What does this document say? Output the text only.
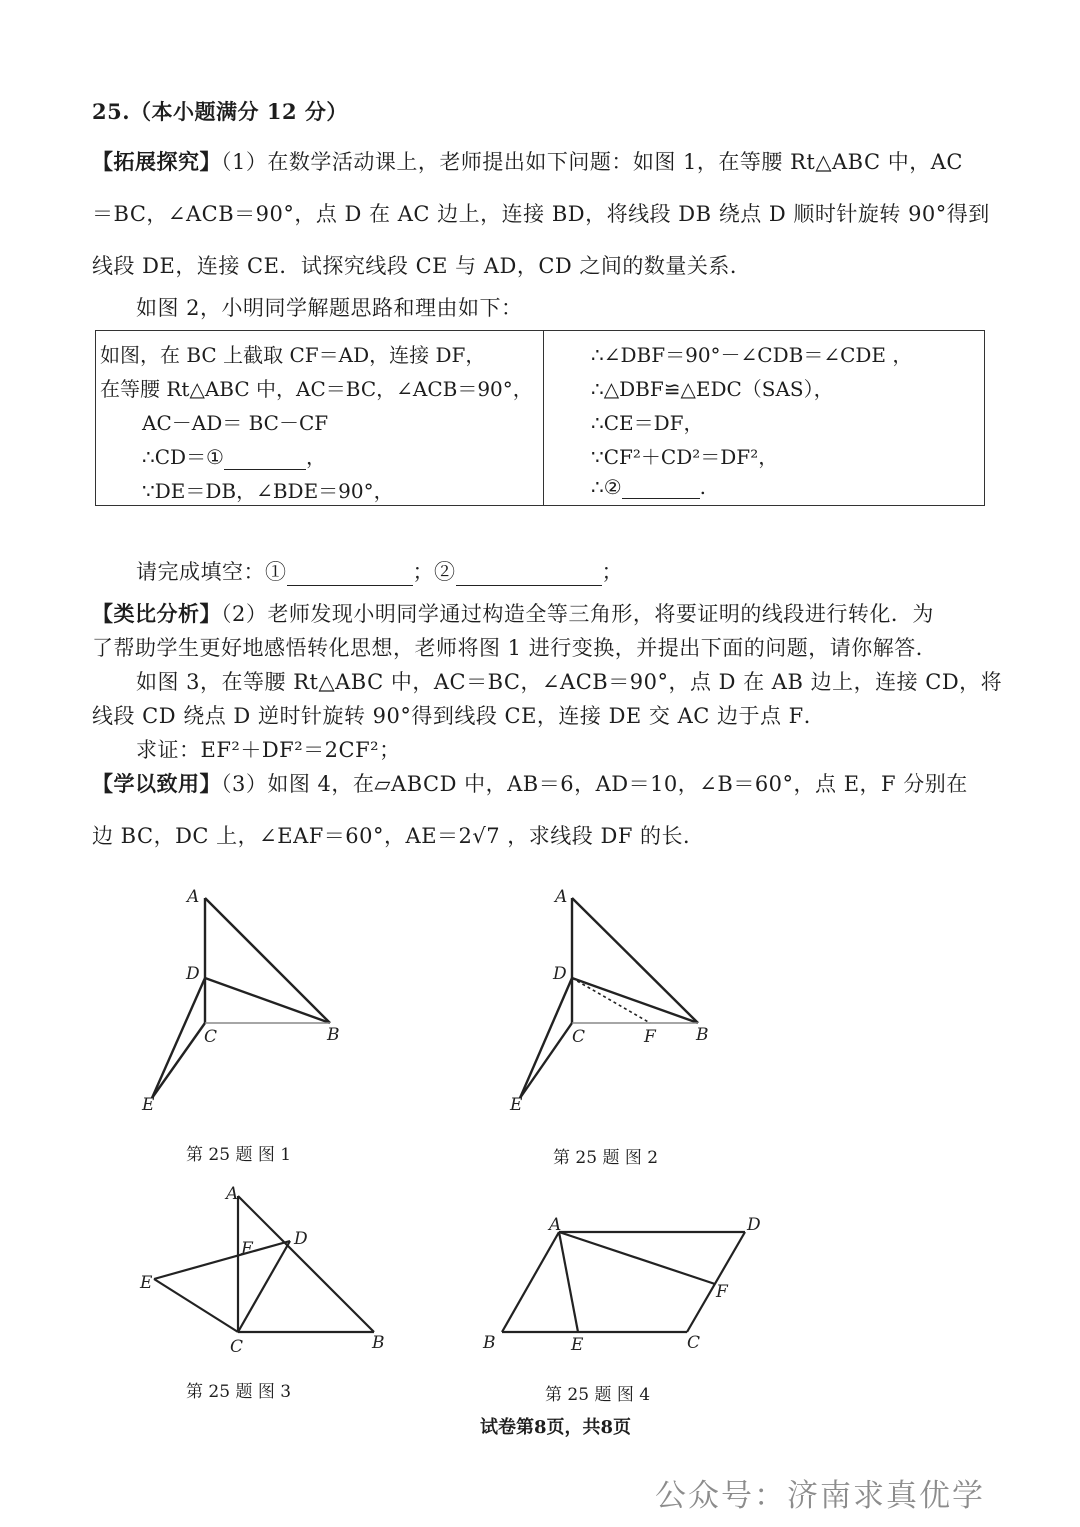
25.（本小题满分 12 分）
【拓展探究】（1）在数学活动课上，老师提出如下问题：如图 1，在等腰 Rt△ABC 中，AC
＝BC，∠ACB＝90°，点 D 在 AC 边上，连接 BD，将线段 DB 绕点 D 顺时针旋转 90°得到
线段 DE，连接 CE．试探究线段 CE 与 AD，CD 之间的数量关系．
如图 2，小明同学解题思路和理由如下：
如图，在 BC 上截取 CF＝AD，连接 DF，
在等腰 Rt△ABC 中，AC＝BC，∠ACB＝90°，
AC－AD＝ BC－CF
∴CD＝①	，
∵DE＝DB，∠BDE＝90°，
∴∠DBF＝90°－∠CDB＝∠CDE ，
∴△DBF≌△EDC（SAS），
∴CE＝DF，
∵CF²＋CD²＝DF²，
∴②	.
请完成填空：①	；②	；
【类比分析】（2）老师发现小明同学通过构造全等三角形，将要证明的线段进行转化．为
了帮助学生更好地感悟转化思想，老师将图 1 进行变换，并提出下面的问题，请你解答．
如图 3，在等腰 Rt△ABC 中，AC＝BC，∠ACB＝90°，点 D 在 AB 边上，连接 CD，将
线段 CD 绕点 D 逆时针旋转 90°得到线段 CE，连接 DE 交 AC 边于点 F．
求证：EF²＋DF²＝2CF²；
【学以致用】（3）如图 4，在▱ABCD 中，AB＝6，AD＝10，∠B＝60°，点 E，F 分别在
边 BC，DC 上，∠EAF＝60°，AE＝2√7 ，求线段 DF 的长．
A
D
C	B
E
第 25 题 图 1
A
D
C	F B
E
第 25 题 图 2
A
F D
E
C	B
第 25 题 图 3
A	D
F
B	E	C
第 25 题 图 4
试卷第8页，共8页
公众号：济南求真优学
